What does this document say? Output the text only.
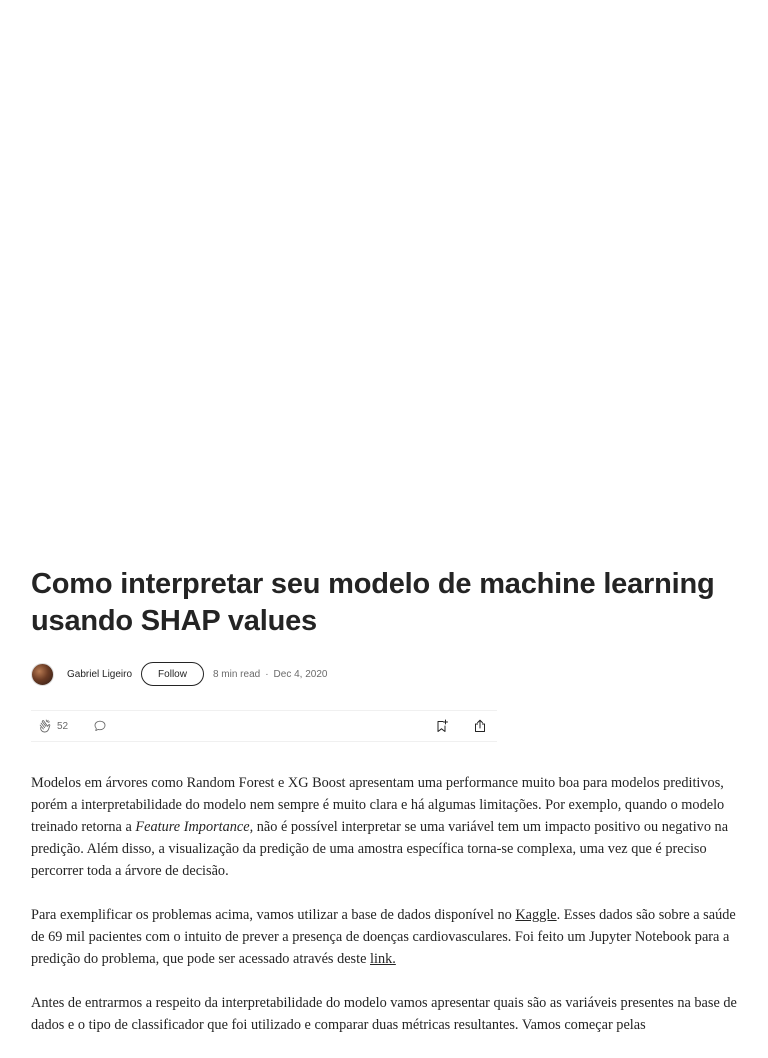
Como interpretar seu modelo de machine learning usando SHAP values
Gabriel Ligeiro	Follow	8 min read · Dec 4, 2020
52

Modelos em árvores como Random Forest e XG Boost apresentam uma performance muito boa para modelos preditivos, porém a interpretabilidade do modelo nem sempre é muito clara e há algumas limitações. Por exemplo, quando o modelo treinado retorna a Feature Importance, não é possível interpretar se uma variável tem um impacto positivo ou negativo na predição. Além disso, a visualização da predição de uma amostra específica torna-se complexa, uma vez que é preciso percorrer toda a árvore de decisão.

Para exemplificar os problemas acima, vamos utilizar a base de dados disponível no Kaggle. Esses dados são sobre a saúde de 69 mil pacientes com o intuito de prever a presença de doenças cardiovasculares. Foi feito um Jupyter Notebook para a predição do problema, que pode ser acessado através deste link.

Antes de entrarmos a respeito da interpretabilidade do modelo vamos apresentar quais são as variáveis presentes na base de dados e o tipo de classificador que foi utilizado e comparar duas métricas resultantes. Vamos começar pelas
